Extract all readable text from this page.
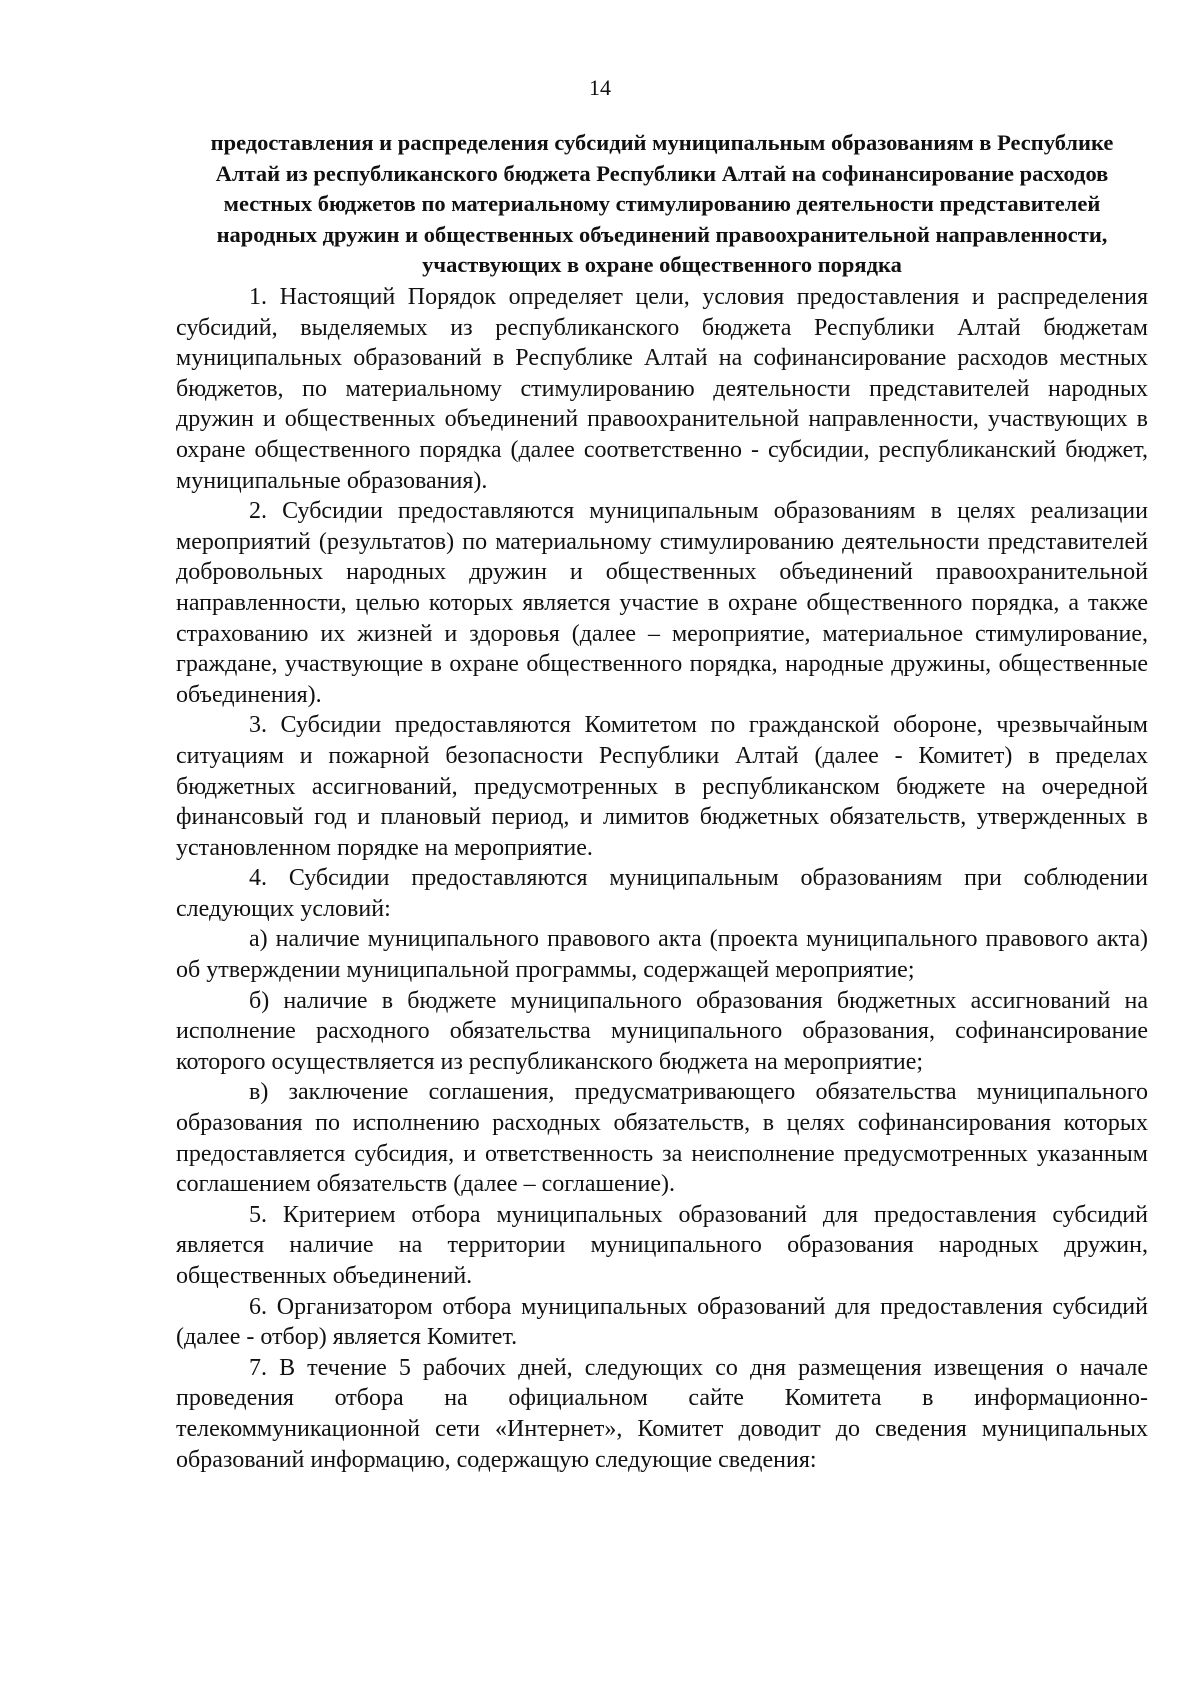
14
предоставления и распределения субсидий муниципальным образованиям в Республике Алтай из республиканского бюджета Республики Алтай на софинансирование расходов местных бюджетов по материальному стимулированию деятельности представителей народных дружин и общественных объединений правоохранительной направленности, участвующих в охране общественного порядка

1. Настоящий Порядок определяет цели, условия предоставления и распределения субсидий, выделяемых из республиканского бюджета Республики Алтай бюджетам муниципальных образований в Республике Алтай на софинансирование расходов местных бюджетов, по материальному стимулированию деятельности представителей народных дружин и общественных объединений правоохранительной направленности, участвующих в охране общественного порядка (далее соответственно - субсидии, республиканский бюджет, муниципальные образования).

2. Субсидии предоставляются муниципальным образованиям в целях реализации мероприятий (результатов) по материальному стимулированию деятельности представителей добровольных народных дружин и общественных объединений правоохранительной направленности, целью которых является участие в охране общественного порядка, а также страхованию их жизней и здоровья (далее – мероприятие, материальное стимулирование, граждане, участвующие в охране общественного порядка, народные дружины, общественные объединения).

3. Субсидии предоставляются Комитетом по гражданской обороне, чрезвычайным ситуациям и пожарной безопасности Республики Алтай (далее - Комитет) в пределах бюджетных ассигнований, предусмотренных в республиканском бюджете на очередной финансовый год и плановый период, и лимитов бюджетных обязательств, утвержденных в установленном порядке на мероприятие.

4. Субсидии предоставляются муниципальным образованиям при соблюдении следующих условий:

а) наличие муниципального правового акта (проекта муниципального правового акта) об утверждении муниципальной программы, содержащей мероприятие;

б) наличие в бюджете муниципального образования бюджетных ассигнований на исполнение расходного обязательства муниципального образования, софинансирование которого осуществляется из республиканского бюджета на мероприятие;

в) заключение соглашения, предусматривающего обязательства муниципального образования по исполнению расходных обязательств, в целях софинансирования которых предоставляется субсидия, и ответственность за неисполнение предусмотренных указанным соглашением обязательств (далее – соглашение).

5. Критерием отбора муниципальных образований для предоставления субсидий является наличие на территории муниципального образования народных дружин, общественных объединений.

6. Организатором отбора муниципальных образований для предоставления субсидий (далее - отбор) является Комитет.

7. В течение 5 рабочих дней, следующих со дня размещения извещения о начале проведения отбора на официальном сайте Комитета в информационно-телекоммуникационной сети «Интернет», Комитет доводит до сведения муниципальных образований информацию, содержащую следующие сведения:
